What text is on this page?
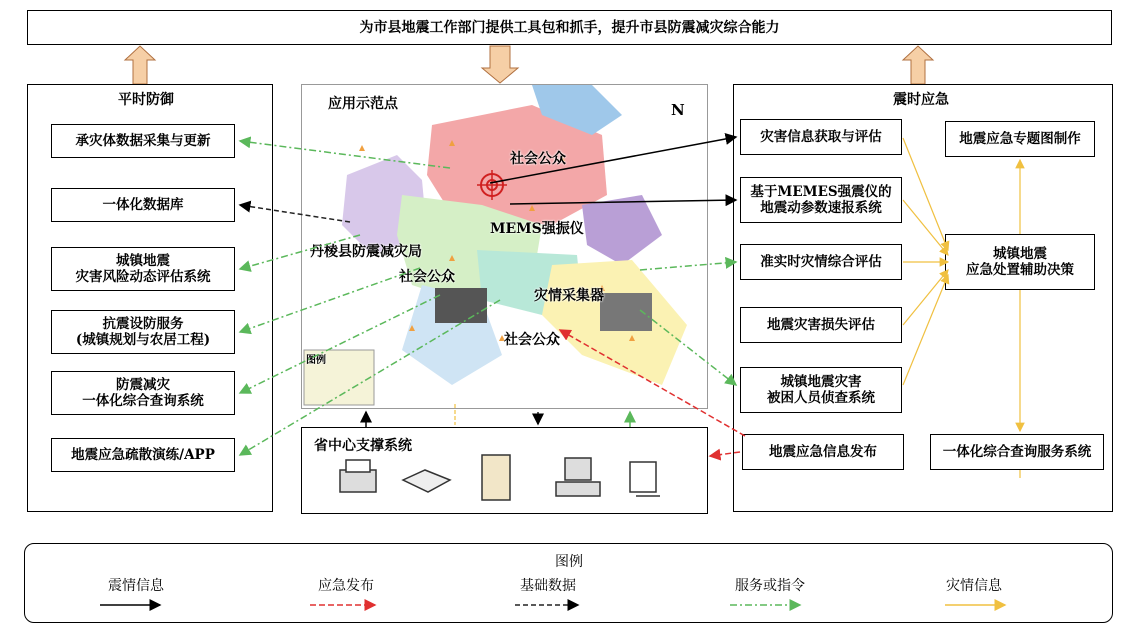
为市县地震工作部门提供工具包和抓手，提升市县防震减灾综合能力
平时防御
承灾体数据采集与更新
一体化数据库
城镇地震
灾害风险动态评估系统
抗震设防服务
(城镇规划与农居工程)
防震减灾
一体化综合查询系统
地震应急疏散演练/APP
应用示范点	N
社会公众
MEMS强振仪
丹棱县防震减灾局
社会公众
灾情采集器
社会公众
图例
省中心支撑系统
震时应急
灾害信息获取与评估
基于MEMES强震仪的
地震动参数速报系统
准实时灾情综合评估
地震灾害损失评估
城镇地震灾害
被困人员侦查系统
地震应急专题图制作
城镇地震
应急处置辅助决策
地震应急信息发布	一体化综合查询服务系统
图例
震情信息	应急发布	基础数据	服务或指令	灾情信息
